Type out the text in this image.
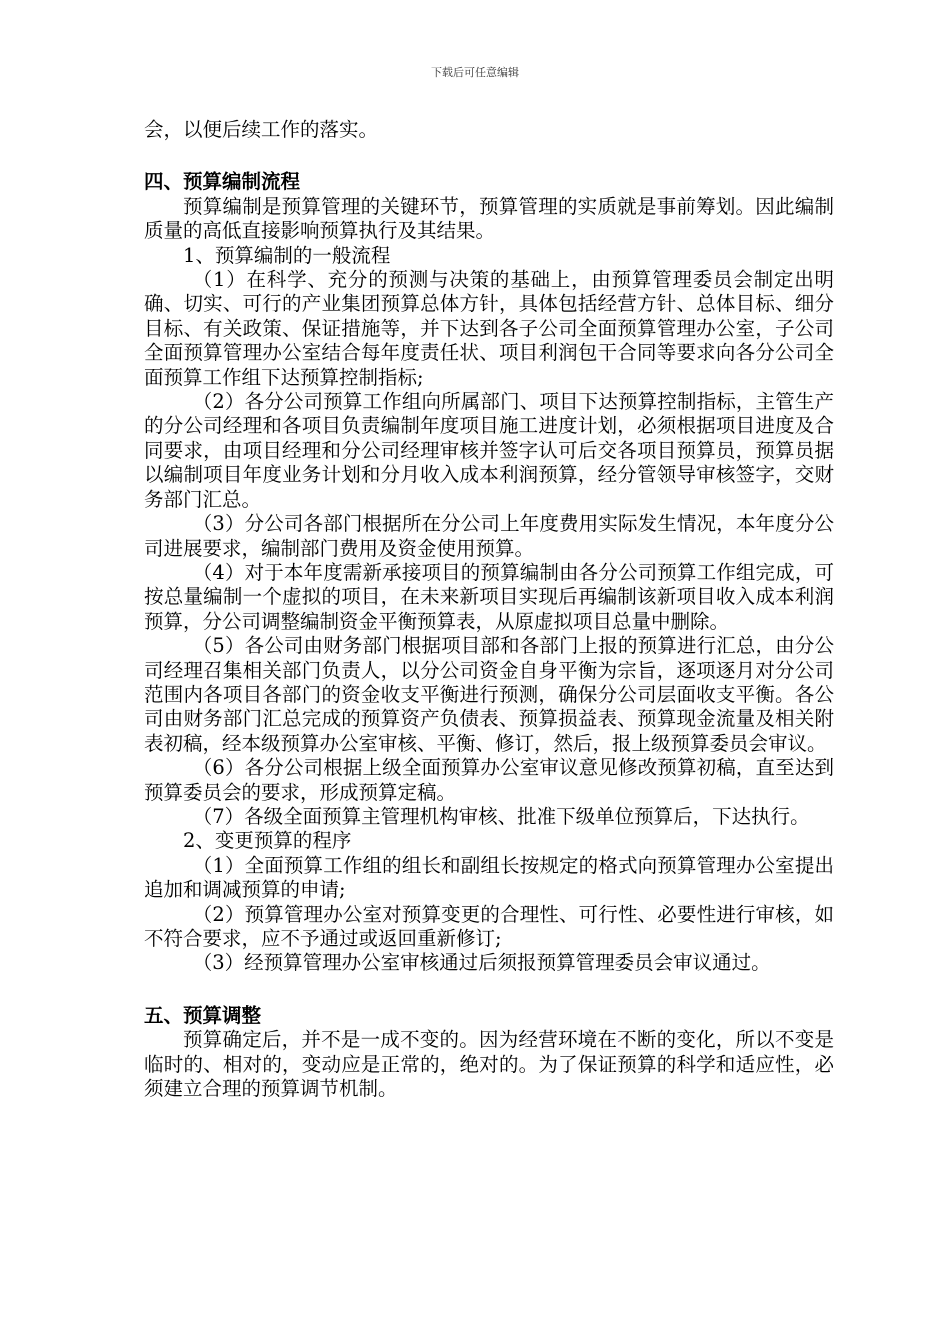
下载后可任意编辑

会，以便后续工作的落实。

四、预算编制流程

预算编制是预算管理的关键环节，预算管理的实质就是事前筹划。因此编制质量的高低直接影响预算执行及其结果。

1、预算编制的一般流程

（1）在科学、充分的预测与决策的基础上，由预算管理委员会制定出明确、切实、可行的产业集团预算总体方针，具体包括经营方针、总体目标、细分目标、有关政策、保证措施等，并下达到各子公司全面预算管理办公室，子公司全面预算管理办公室结合每年度责任状、项目利润包干合同等要求向各分公司全面预算工作组下达预算控制指标;

（2）各分公司预算工作组向所属部门、项目下达预算控制指标，主管生产的分公司经理和各项目负责编制年度项目施工进度计划，必须根据项目进度及合同要求，由项目经理和分公司经理审核并签字认可后交各项目预算员，预算员据以编制项目年度业务计划和分月收入成本利润预算，经分管领导审核签字，交财务部门汇总。

（3）分公司各部门根据所在分公司上年度费用实际发生情况，本年度分公司进展要求，编制部门费用及资金使用预算。

（4）对于本年度需新承接项目的预算编制由各分公司预算工作组完成，可按总量编制一个虚拟的项目，在未来新项目实现后再编制该新项目收入成本利润预算，分公司调整编制资金平衡预算表，从原虚拟项目总量中删除。

（5）各公司由财务部门根据项目部和各部门上报的预算进行汇总，由分公司经理召集相关部门负责人，以分公司资金自身平衡为宗旨，逐项逐月对分公司范围内各项目各部门的资金收支平衡进行预测，确保分公司层面收支平衡。各公司由财务部门汇总完成的预算资产负债表、预算损益表、预算现金流量及相关附表初稿，经本级预算办公室审核、平衡、修订，然后，报上级预算委员会审议。

（6）各分公司根据上级全面预算办公室审议意见修改预算初稿，直至达到预算委员会的要求，形成预算定稿。

（7）各级全面预算主管理机构审核、批准下级单位预算后，下达执行。

2、变更预算的程序

（1）全面预算工作组的组长和副组长按规定的格式向预算管理办公室提出追加和调减预算的申请;

（2）预算管理办公室对预算变更的合理性、可行性、必要性进行审核，如不符合要求，应不予通过或返回重新修订;

（3）经预算管理办公室审核通过后须报预算管理委员会审议通过。

五、预算调整

预算确定后，并不是一成不变的。因为经营环境在不断的变化，所以不变是临时的、相对的，变动应是正常的，绝对的。为了保证预算的科学和适应性，必须建立合理的预算调节机制。
